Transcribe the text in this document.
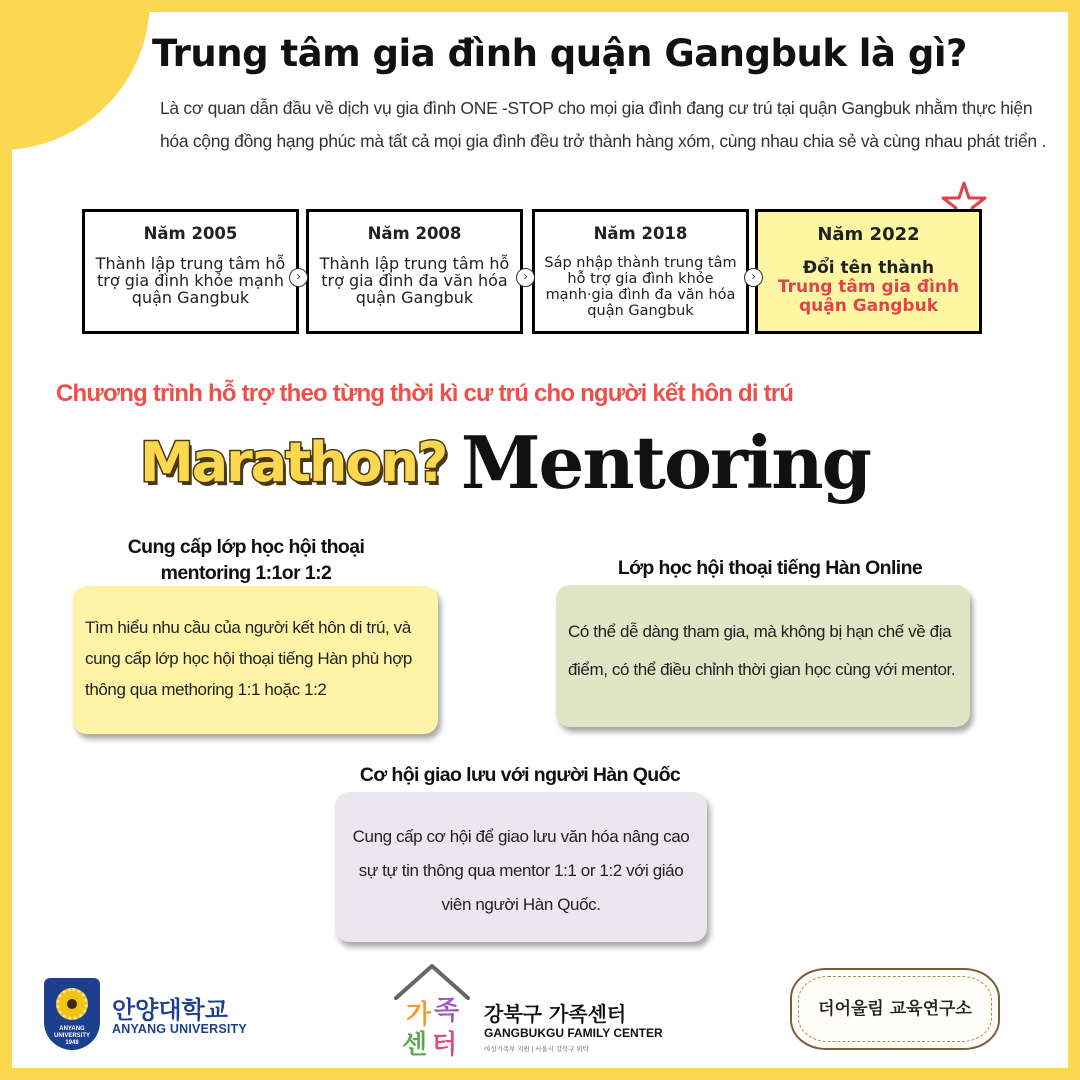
Trung tâm gia đình quận Gangbuk là gì?

Là cơ quan dẫn đầu về dịch vụ gia đình ONE -STOP cho mọi gia đình đang cư trú tại quận Gangbuk nhằm thực hiện hóa cộng đồng hạng phúc mà tất cả mọi gia đình đều trở thành hàng xóm, cùng nhau chia sẻ và cùng nhau phát triển .

Năm 2005
Thành lập trung tâm hỗ trợ gia đình khỏe mạnh quận Gangbuk
›
Năm 2008
Thành lập trung tâm hỗ trợ gia đình đa văn hóa quận Gangbuk
›
Năm 2018
Sáp nhập thành trung tâm hỗ trợ gia đình khỏe mạnh·gia đình đa văn hóa quận Gangbuk
›
Năm 2022
Đổi tên thành
Trung tâm gia đình quận Gangbuk
Chương trình hỗ trợ theo từng thời kì cư trú cho người kết hôn di trú
Marathon? Mentoring
Cung cấp lớp học hội thoại mentoring 1:1or 1:2
Tìm hiểu nhu cầu của người kết hôn di trú, và cung cấp lớp học hội thoại tiếng Hàn phù hợp thông qua methoring 1:1 hoặc 1:2
Lớp học hội thoại tiếng Hàn Online
Có thể dễ dàng tham gia, mà không bị hạn chế về địa điểm, có thể điều chỉnh thời gian học cùng với mentor.
Cơ hội giao lưu với người Hàn Quốc
Cung cấp cơ hội để giao lưu văn hóa nâng cao sự tự tin thông qua mentor 1:1 or 1:2 với giáo viên người Hàn Quốc.
ANYANG UNIVERSITY 1948
안양대학교
ANYANG UNIVERSITY	가 족
센 터
강북구 가족센터
GANGBUKGU FAMILY CENTER
여성가족부 지원 | 서울시 강북구 위탁
더어울림 교육연구소
